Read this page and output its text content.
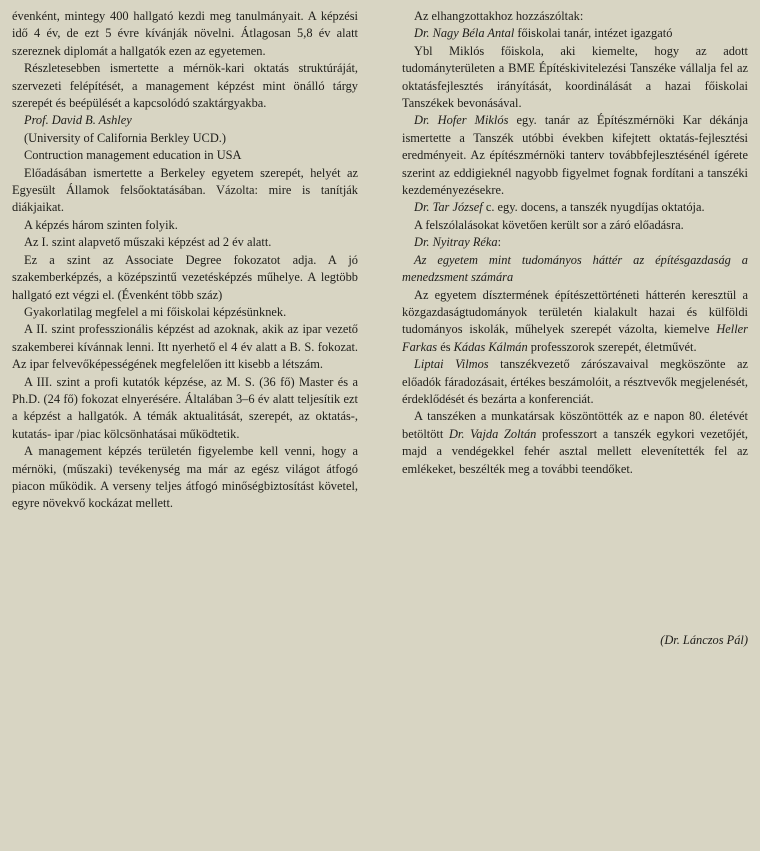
évenként, mintegy 400 hallgató kezdi meg tanulmányait. A képzési idő 4 év, de ezt 5 évre kívánják növelni. Átlagosan 5,8 év alatt szereznek diplomát a hallgatók ezen az egyetemen.

Részletesebben ismertette a mérnök-kari oktatás struktúráját, szervezeti felépítését, a management képzést mint önálló tárgy szerepét és beépülését a kapcsolódó szaktárgyakba.

Prof. David B. Ashley

(University of California Berkley UCD.)

Contruction management education in USA

Előadásában ismertette a Berkeley egyetem szerepét, helyét az Egyesült Államok felsőoktatásában. Vázolta: mire is tanítják diákjaikat.

A képzés három szinten folyik.

Az I. szint alapvető műszaki képzést ad 2 év alatt.

Ez a szint az Associate Degree fokozatot adja. A jó szakemberképzés, a középszintű vezetésképzés műhelye. A legtöbb hallgató ezt végzi el. (Évenként több száz)

Gyakorlatilag megfelel a mi főiskolai képzésünknek.

A II. szint professzionális képzést ad azoknak, akik az ipar vezető szakemberei kívánnak lenni. Itt nyerhető el 4 év alatt a B. S. fokozat. Az ipar felvevőképességének megfelelően itt kisebb a létszám.

A III. szint a profi kutatók képzése, az M. S. (36 fő) Master és a Ph.D. (24 fő) fokozat elnyerésére. Általában 3–6 év alatt teljesítik ezt a képzést a hallgatók. A témák aktualitását, szerepét, az oktatás-, kutatás- ipar /piac kölcsönhatásai működtetik.

A management képzés területén figyelembe kell venni, hogy a mérnöki, (műszaki) tevékenység ma már az egész világot átfogó piacon működik. A verseny teljes átfogó minőségbiztosítást követel, egyre növekvő kockázat mellett.

Az elhangzottakhoz hozzászóltak:

Dr. Nagy Béla Antal főiskolai tanár, intézet igazgató

Ybl Miklós főiskola, aki kiemelte, hogy az adott tudományterületen a BME Építéskivitelezési Tanszéke vállalja fel az oktatásfejlesztés irányítását, koordinálását a hazai főiskolai Tanszékek bevonásával.

Dr. Hofer Miklós egy. tanár az Építészmérnöki Kar dékánja ismertette a Tanszék utóbbi években kifejtett oktatás-fejlesztési eredményeit. Az építészmérnöki tanterv továbbfejlesztésénél ígérete szerint az eddigieknél nagyobb figyelmet fognak fordítani a tanszéki kezdeményezésekre.

Dr. Tar József c. egy. docens, a tanszék nyugdíjas oktatója.

A felszólalásokat követően került sor a záró előadásra.

Dr. Nyitray Réka:

Az egyetem mint tudományos háttér az építésgazdaság a menedzsment számára

Az egyetem dísztermének építészettörténeti hátterén keresztül a közgazdaságtudományok területén kialakult hazai és külföldi tudományos iskolák, műhelyek szerepét vázolta, kiemelve Heller Farkas és Kádas Kálmán professzorok szerepét, életművét.

Liptai Vilmos tanszékvezető zárószavaival megköszönte az előadók fáradozásait, értékes beszámolóit, a résztvevők megjelenését, érdeklődését és bezárta a konferenciát.

A tanszéken a munkatársak köszöntötték az e napon 80. életévét betöltött Dr. Vajda Zoltán professzort a tanszék egykori vezetőjét, majd a vendégekkel fehér asztal mellett elevenítették fel az emlékeket, beszélték meg a további teendőket.

(Dr. Lánczos Pál)
